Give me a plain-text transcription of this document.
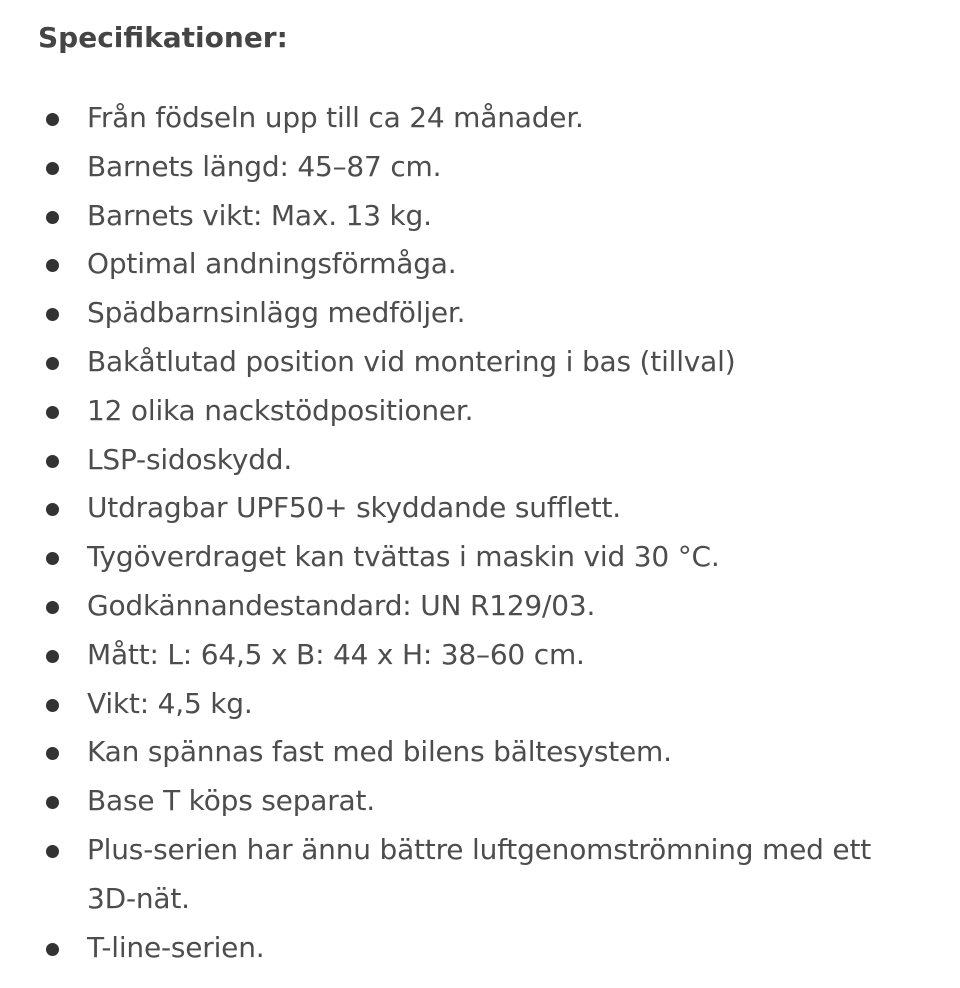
Specifikationer:
Från födseln upp till ca 24 månader.
Barnets längd: 45–87 cm.
Barnets vikt: Max. 13 kg.
Optimal andningsförmåga.
Spädbarnsinlägg medföljer.
Bakåtlutad position vid montering i bas (tillval)
12 olika nackstödpositioner.
LSP-sidoskydd.
Utdragbar UPF50+ skyddande sufflett.
Tygöverdraget kan tvättas i maskin vid 30 °C.
Godkännandestandard: UN R129/03.
Mått: L: 64,5 x B: 44 x H: 38–60 cm.
Vikt: 4,5 kg.
Kan spännas fast med bilens bältesystem.
Base T köps separat.
Plus-serien har ännu bättre luftgenomströmning med ett 3D-nät.
T-line-serien.
